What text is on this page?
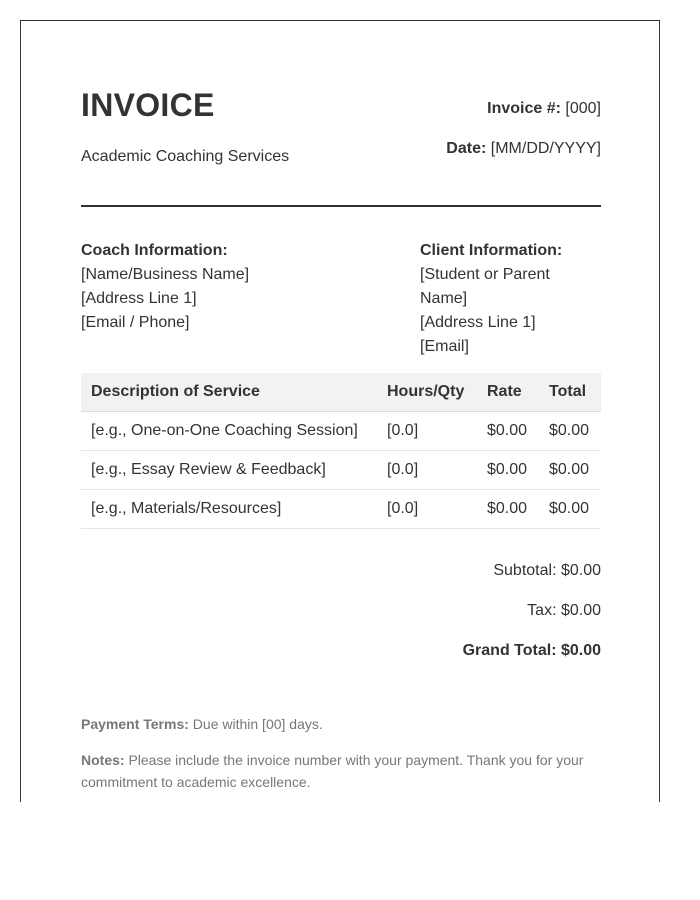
INVOICE
Academic Coaching Services
Invoice #: [000]
Date: [MM/DD/YYYY]
Coach Information:
[Name/Business Name]
[Address Line 1]
[Email / Phone]
Client Information:
[Student or Parent Name]
[Address Line 1]
[Email]
Description of Service	Hours/Qty	Rate	Total
[e.g., One-on-One Coaching Session]	[0.0]	$0.00	$0.00
[e.g., Essay Review & Feedback]	[0.0]	$0.00	$0.00
[e.g., Materials/Resources]	[0.0]	$0.00	$0.00
Subtotal: $0.00
Tax: $0.00
Grand Total: $0.00
Payment Terms: Due within [00] days.
Notes: Please include the invoice number with your payment. Thank you for your commitment to academic excellence.
